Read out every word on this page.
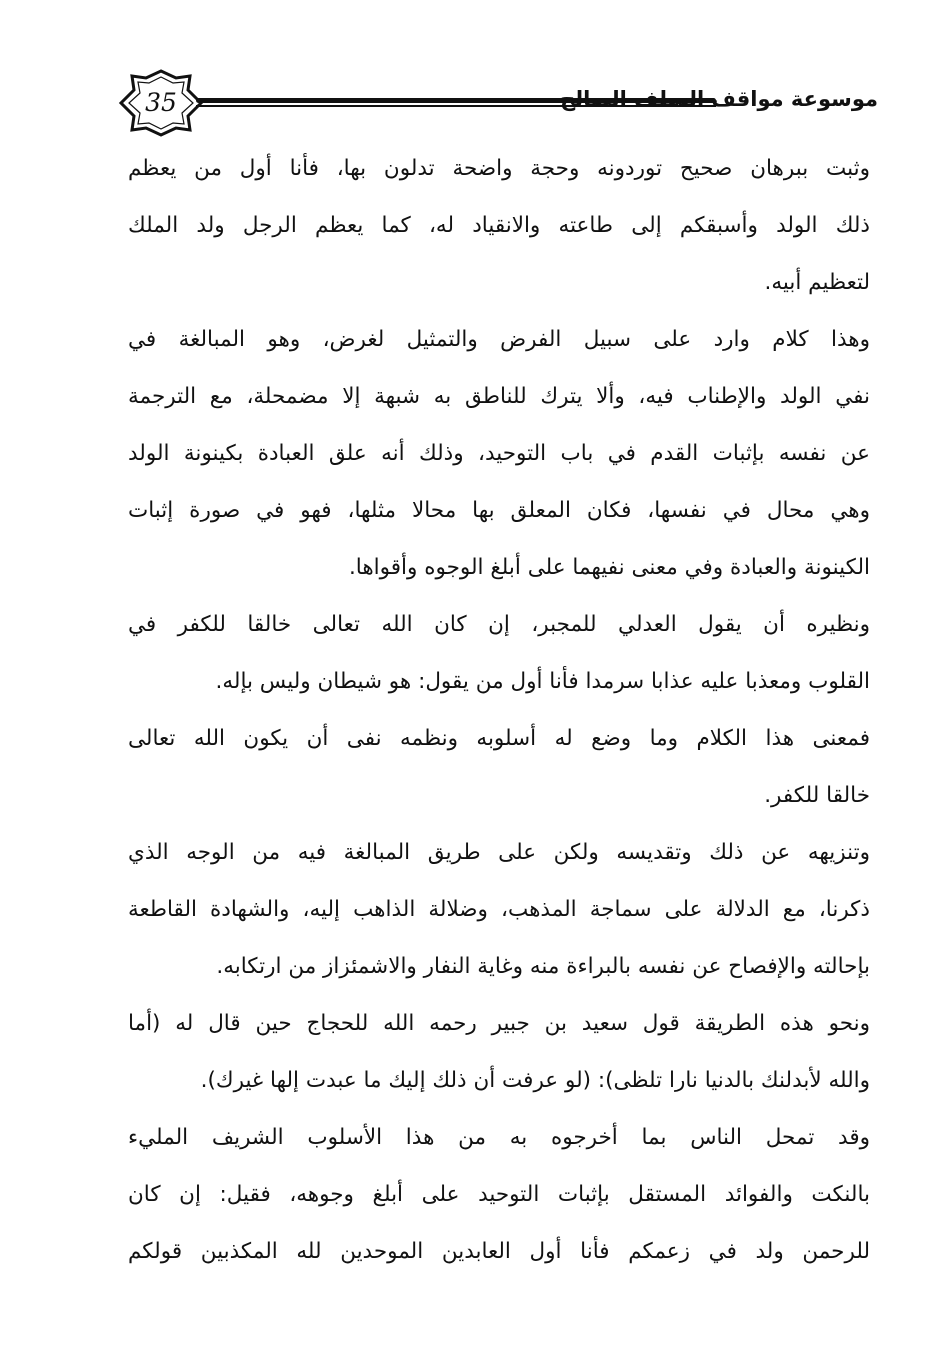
35	موسوعة مواقف السلف الصالح
وثبت ببرهان صحيح توردونه وحجة واضحة تدلون بها، فأنا أول من يعظم
ذلك الولد وأسبقكم إلى طاعته والانقياد له، كما يعظم الرجل ولد الملك
لتعظيم أبيه.
وهذا كلام وارد على سبيل الفرض والتمثيل لغرض، وهو المبالغة في
نفي الولد والإطناب فيه، وألا يترك للناطق به شبهة إلا مضمحلة، مع الترجمة
عن نفسه بإثبات القدم في باب التوحيد، وذلك أنه علق العبادة بكينونة الولد
وهي محال في نفسها، فكان المعلق بها محالا مثلها، فهو في صورة إثبات
الكينونة والعبادة وفي معنى نفيهما على أبلغ الوجوه وأقواها.
ونظيره أن يقول العدلي للمجبر، إن كان الله تعالى خالقا للكفر في
القلوب ومعذبا عليه عذابا سرمدا فأنا أول من يقول: هو شيطان وليس بإله.
فمعنى هذا الكلام وما وضع له أسلوبه ونظمه نفى أن يكون الله تعالى
خالقا للكفر.
وتنزيهه عن ذلك وتقديسه ولكن على طريق المبالغة فيه من الوجه الذي
ذكرنا، مع الدلالة على سماجة المذهب، وضلالة الذاهب إليه، والشهادة القاطعة
بإحالته والإفصاح عن نفسه بالبراءة منه وغاية النفار والاشمئزاز من ارتكابه.
ونحو هذه الطريقة قول سعيد بن جبير رحمه الله للحجاج حين قال له (أما
والله لأبدلنك بالدنيا نارا تلظى): (لو عرفت أن ذلك إليك ما عبدت إلها غيرك).
وقد تمحل الناس بما أخرجوه به من هذا الأسلوب الشريف المليء
بالنكت والفوائد المستقل بإثبات التوحيد على أبلغ وجوهه، فقيل: إن كان
للرحمن ولد في زعمكم فأنا أول العابدين الموحدين لله المكذبين قولكم
